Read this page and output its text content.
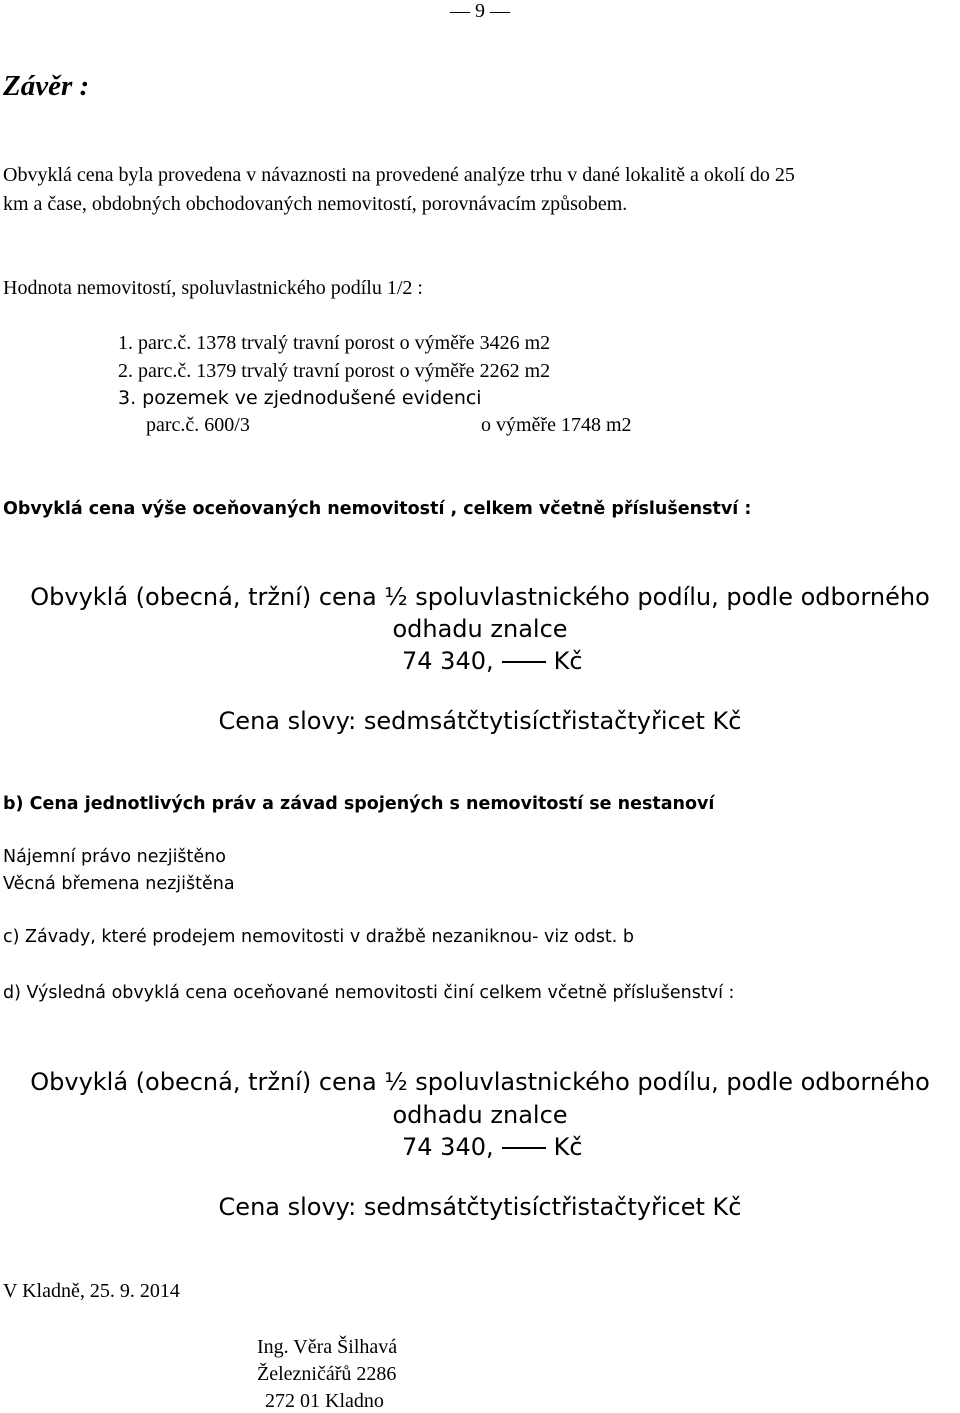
— 9 —
Závěr :
Obvyklá cena byla provedena v návaznosti na provedené analýze trhu v dané lokalitě a okolí do 25
km a čase, obdobných obchodovaných nemovitostí, porovnávacím způsobem.
Hodnota nemovitostí, spoluvlastnického podílu 1/2 :
1. parc.č. 1378 trvalý travní porost o výměře 3426 m2
2. parc.č. 1379 trvalý travní porost o výměře 2262 m2
3. pozemek ve zjednodušené evidenci
parc.č. 600/3	o výměře 1748 m2
Obvyklá cena výše oceňovaných nemovitostí , celkem včetně příslušenství :
Obvyklá (obecná, tržní) cena ½ spoluvlastnického podílu, podle odborného
odhadu znalce
74 340,	Kč
Cena slovy: sedmsátčtytisíctřistačtyřicet Kč
b) Cena jednotlivých práv a závad spojených s nemovitostí se nestanoví
Nájemní právo nezjištěno
Věcná břemena nezjištěna
c) Závady, které prodejem nemovitosti v dražbě nezaniknou- viz odst. b
d) Výsledná obvyklá cena oceňované nemovitosti činí celkem včetně příslušenství :
Obvyklá (obecná, tržní) cena ½ spoluvlastnického podílu, podle odborného
odhadu znalce
74 340,	Kč
Cena slovy: sedmsátčtytisíctřistačtyřicet Kč
V Kladně, 25. 9. 2014
Ing. Věra Šilhavá
Železničářů 2286
272 01 Kladno
